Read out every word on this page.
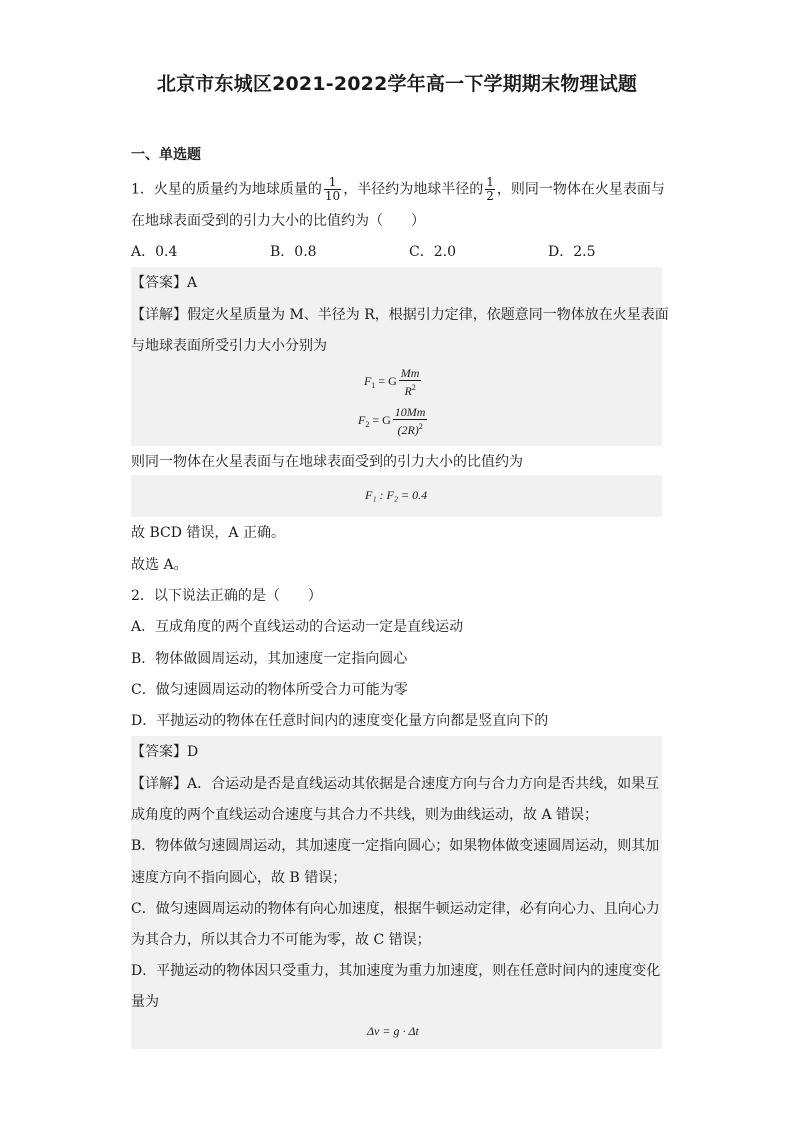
北京市东城区2021-2022学年高一下学期期末物理试题
一、单选题
1．火星的质量约为地球质量的 $\frac{1}{10}$ ，半径约为地球半径的 $\frac{1}{2}$ ，则同一物体在火星表面与
在地球表面受到的引力大小的比值约为（　　）
A．0.4	B．0.8	C．2.0	D．2.5
【答案】A
【详解】假定火星质量为 M、半径为 R，根据引力定律，依题意同一物体放在火星表面
与地球表面所受引力大小分别为
$F_1 = G \frac{Mm}{R^2}$
$F_2 = G \frac{10Mm}{(2R)^2}$
则同一物体在火星表面与在地球表面受到的引力大小的比值约为
F₁ : F₂ = 0.4
故 BCD 错误，A 正确。
故选 A。
2．以下说法正确的是（　　）
A．互成角度的两个直线运动的合运动一定是直线运动
B．物体做圆周运动，其加速度一定指向圆心
C．做匀速圆周运动的物体所受合力可能为零
D．平抛运动的物体在任意时间内的速度变化量方向都是竖直向下的
【答案】D
【详解】A．合运动是否是直线运动其依据是合速度方向与合力方向是否共线，如果互
成角度的两个直线运动合速度与其合力不共线，则为曲线运动，故 A 错误；
B．物体做匀速圆周运动，其加速度一定指向圆心；如果物体做变速圆周运动，则其加
速度方向不指向圆心，故 B 错误；
C．做匀速圆周运动的物体有向心加速度，根据牛顿运动定律，必有向心力、且向心力
为其合力，所以其合力不可能为零，故 C 错误；
D．平抛运动的物体因只受重力，其加速度为重力加速度，则在任意时间内的速度变化
量为
Δv = g · Δt
